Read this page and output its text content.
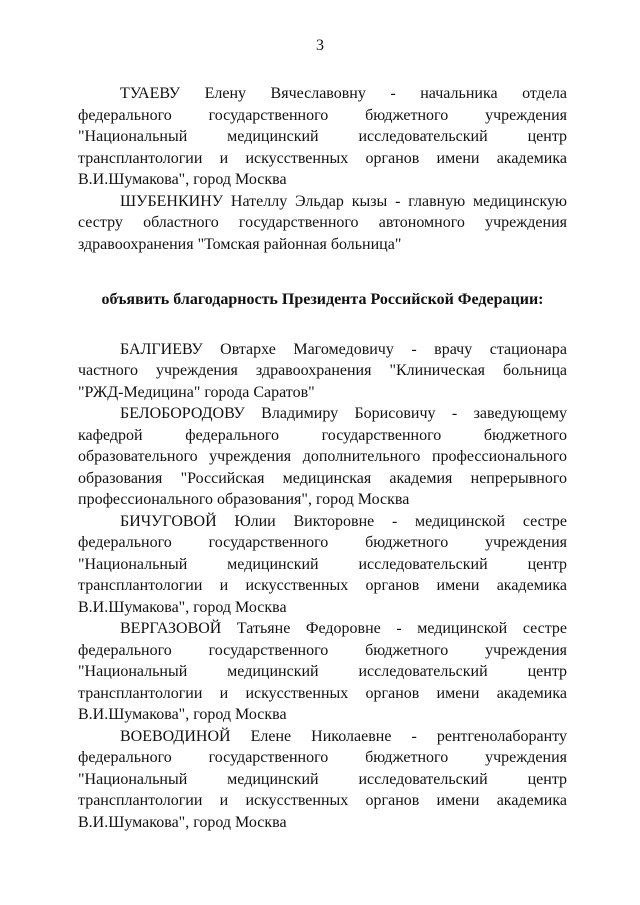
3
ТУАЕВУ Елену Вячеславовну - начальника отдела
федерального государственного бюджетного учреждения
"Национальный медицинский исследовательский центр
трансплантологии и искусственных органов имени академика
В.И.Шумакова", город Москва
ШУБЕНКИНУ Нателлу Эльдар кызы - главную медицинскую
сестру областного государственного автономного учреждения
здравоохранения "Томская районная больница"
объявить благодарность Президента Российской Федерации:
БАЛГИЕВУ Овтархе Магомедовичу - врачу стационара
частного учреждения здравоохранения "Клиническая больница
"РЖД-Медицина" города Саратов"
БЕЛОБОРОДОВУ Владимиру Борисовичу - заведующему
кафедрой федерального государственного бюджетного
образовательного учреждения дополнительного профессионального
образования "Российская медицинская академия непрерывного
профессионального образования", город Москва
БИЧУГОВОЙ Юлии Викторовне - медицинской сестре
федерального государственного бюджетного учреждения
"Национальный медицинский исследовательский центр
трансплантологии и искусственных органов имени академика
В.И.Шумакова", город Москва
ВЕРГАЗОВОЙ Татьяне Федоровне - медицинской сестре
федерального государственного бюджетного учреждения
"Национальный медицинский исследовательский центр
трансплантологии и искусственных органов имени академика
В.И.Шумакова", город Москва
ВОЕВОДИНОЙ Елене Николаевне - рентгенолаборанту
федерального государственного бюджетного учреждения
"Национальный медицинский исследовательский центр
трансплантологии и искусственных органов имени академика
В.И.Шумакова", город Москва
